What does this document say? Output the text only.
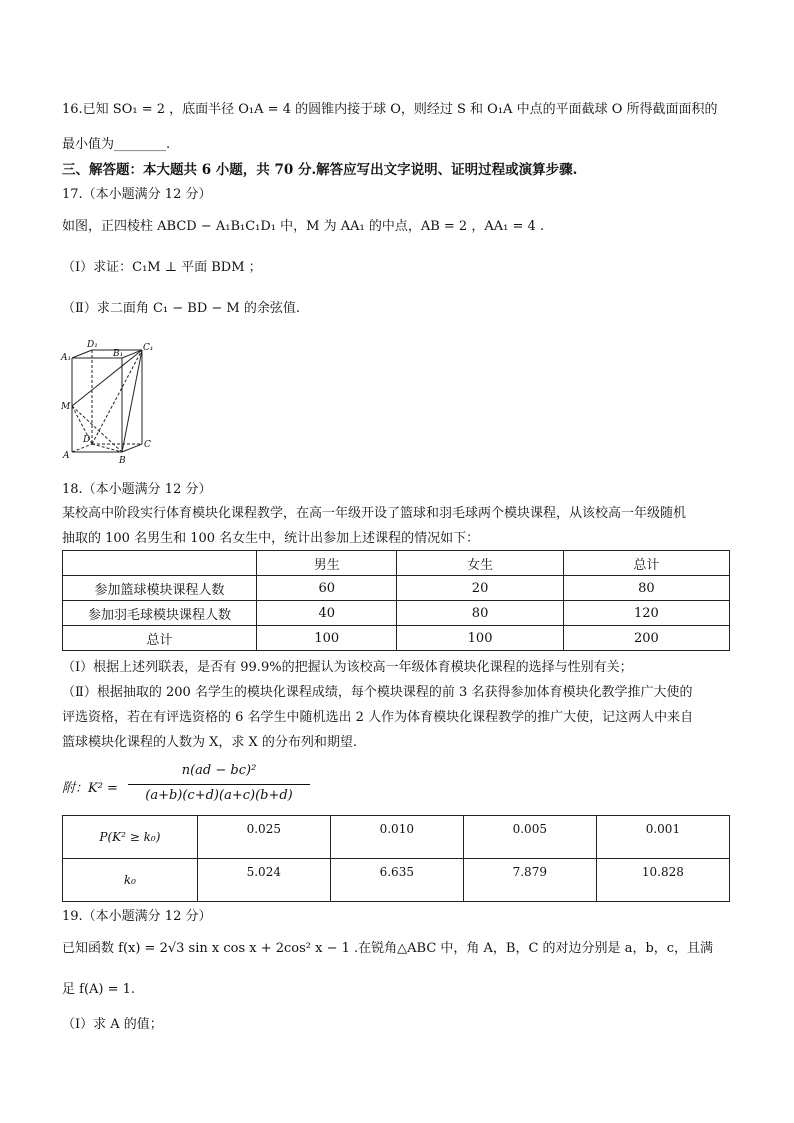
16.已知 SO₁ = 2 ，底面半径 O₁A = 4 的圆锥内接于球 O，则经过 S 和 O₁A 中点的平面截球 O 所得截面面积的
最小值为________.
三、解答题：本大题共 6 小题，共 70 分.解答应写出文字说明、证明过程或演算步骤.
17.（本小题满分 12 分）
如图，正四棱柱 ABCD − A₁B₁C₁D₁ 中，M 为 AA₁ 的中点，AB = 2 ，AA₁ = 4 .
（Ⅰ）求证：C₁M ⊥ 平面 BDM ；
（Ⅱ）求二面角 C₁ − BD − M 的余弦值.
A₁
D₁
B₁
C₁
M
D	C
A	B
18.（本小题满分 12 分）
某校高中阶段实行体育模块化课程教学，在高一年级开设了篮球和羽毛球两个模块课程，从该校高一年级随机
抽取的 100 名男生和 100 名女生中，统计出参加上述课程的情况如下：
	男生	女生	总计
参加篮球模块课程人数	60	20	80
参加羽毛球模块课程人数	40	80	120
总计	100	100	200
（Ⅰ）根据上述列联表，是否有 99.9%的把握认为该校高一年级体育模块化课程的选择与性别有关；
（Ⅱ）根据抽取的 200 名学生的模块化课程成绩，每个模块课程的前 3 名获得参加体育模块化教学推广大使的
评选资格，若在有评选资格的 6 名学生中随机选出 2 人作为体育模块化课程教学的推广大使，记这两人中来自
篮球模块化课程的人数为 X，求 X 的分布列和期望.
附：K² =
n(ad − bc)²
(a+b)(c+d)(a+c)(b+d)
P(K² ≥ k₀)	0.025	0.010	0.005	0.001
k₀	5.024	6.635	7.879	10.828
19.（本小题满分 12 分）
已知函数 f(x) = 2√3 sin x cos x + 2cos² x − 1 .在锐角△ABC 中，角 A，B，C 的对边分别是 a，b，c，且满
足 f(A) = 1.
（Ⅰ）求 A 的值；
